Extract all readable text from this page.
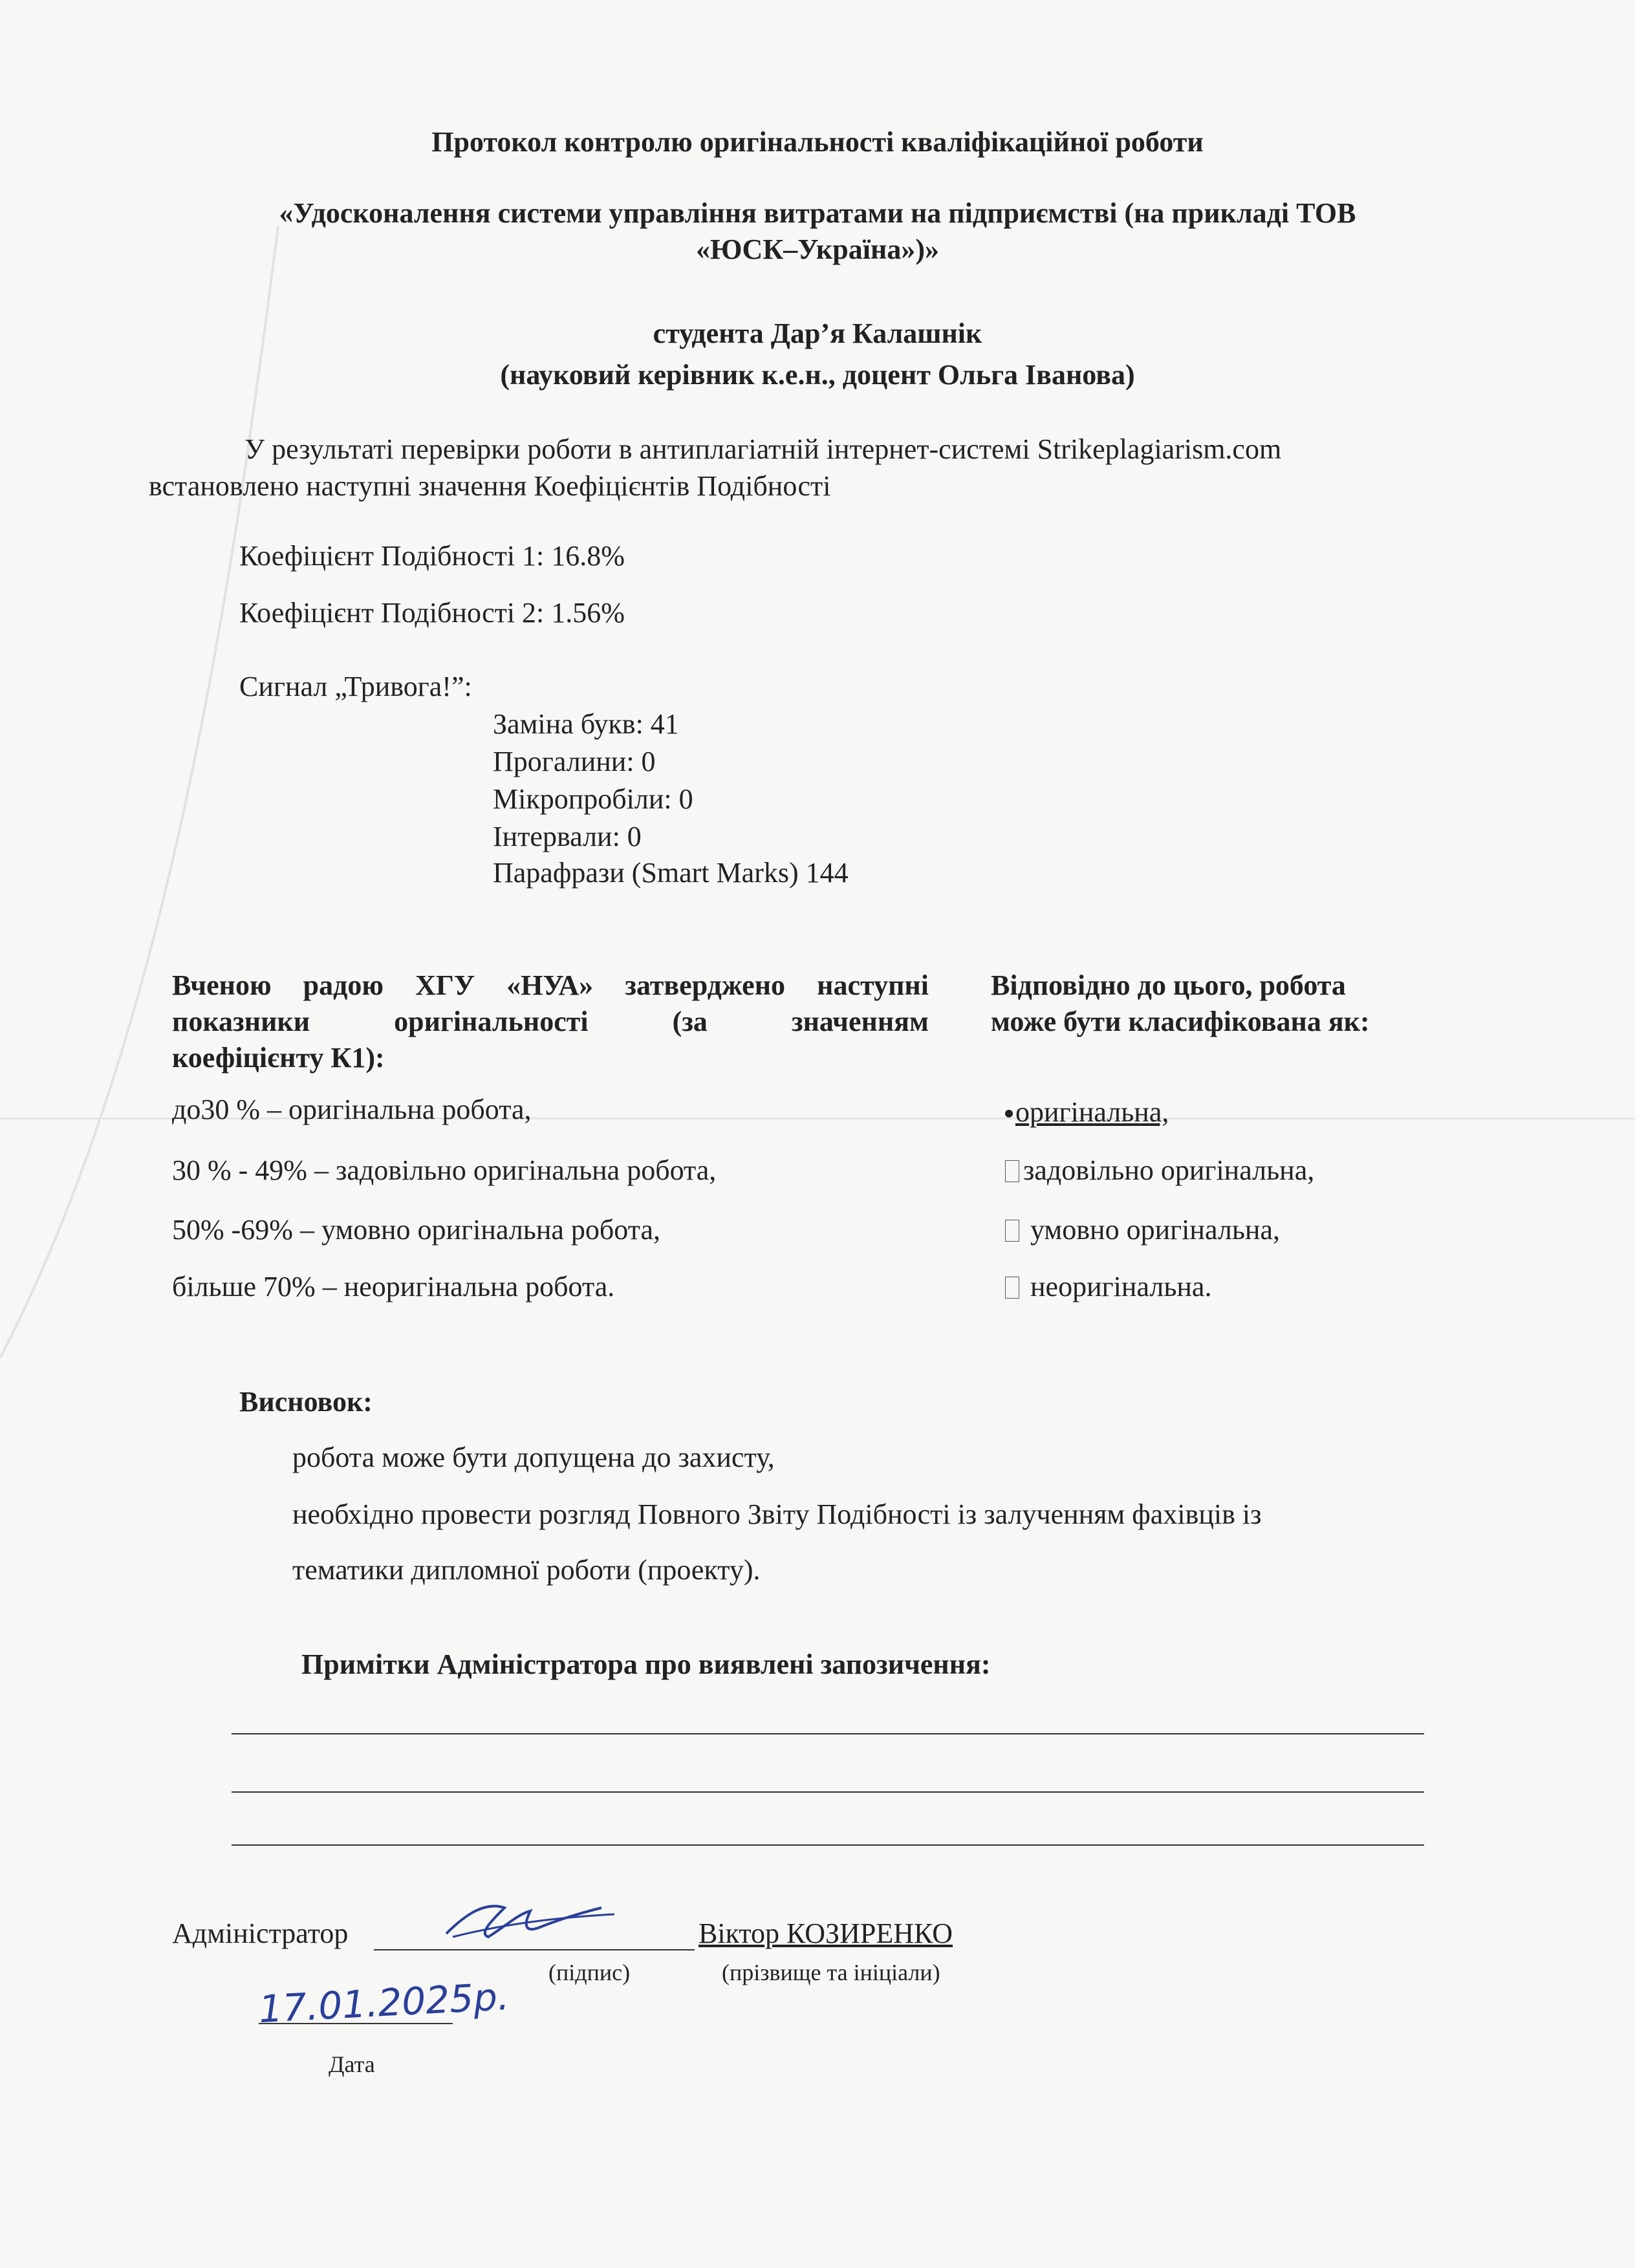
Протокол контролю оригінальності кваліфікаційної роботи
«Удосконалення системи управління витратами на підприємстві (на прикладі ТОВ
«ЮСК–Україна»)»
студента Дар’я Калашнік
(науковий керівник к.е.н., доцент Ольга Іванова)
У результаті перевірки роботи в антиплагіатній інтернет-системі Strikeplagiarism.com
встановлено наступні значення Коефіцієнтів Подібності
Коефіцієнт Подібності 1: 16.8%
Коефіцієнт Подібності 2: 1.56%
Сигнал „Тривога!”:
Заміна букв: 41
Прогалини: 0
Мікропробіли: 0
Інтервали: 0
Парафрази (Smart Marks) 144
Вченою радою ХГУ «НУА» затверджено наступні
показники оригінальності (за значенням
коефіцієнту К1):
до30 % – оригінальна робота,
30 % - 49% – задовільно оригінальна робота,
50% -69% – умовно оригінальна робота,
більше 70% – неоригінальна робота.
Відповідно до цього, робота
може бути класифікована як:
оригінальна,
задовільно оригінальна,
умовно оригінальна,
неоригінальна.
Висновок:
робота може бути допущена до захисту,
необхідно провести розгляд Повного Звіту Подібності із залученням фахівців із
тематики дипломної роботи (проекту).
Примітки Адміністратора про виявлені запозичення:
Адміністратор	Віктор КОЗИРЕНКО
(підпис)	(прізвище та ініціали)
17.01.2025р.
Дата
